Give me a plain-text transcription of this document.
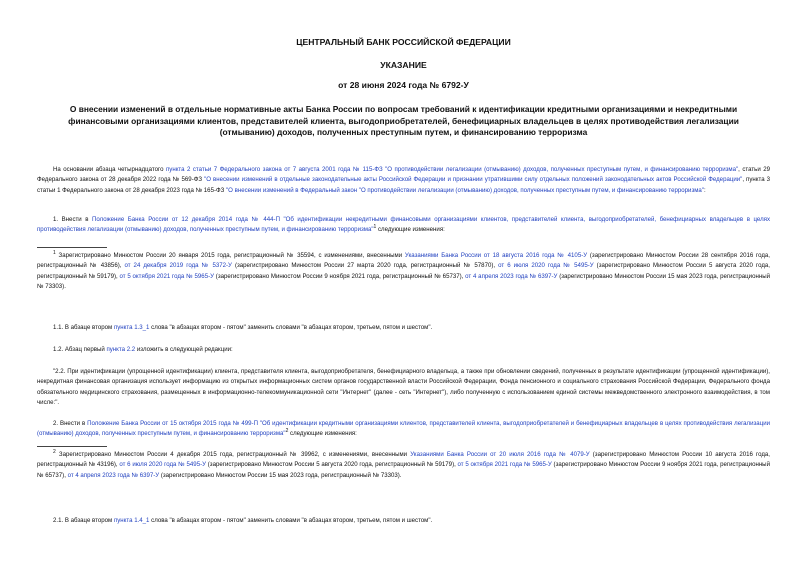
ЦЕНТРАЛЬНЫЙ БАНК РОССИЙСКОЙ ФЕДЕРАЦИИ
УКАЗАНИЕ
от 28 июня 2024 года № 6792-У
О внесении изменений в отдельные нормативные акты Банка России по вопросам требований к идентификации кредитными организациями и некредитными финансовыми организациями клиентов, представителей клиента, выгодоприобретателей, бенефициарных владельцев в целях противодействия легализации (отмыванию) доходов, полученных преступным путем, и финансированию терроризма
На основании абзаца четырнадцатого пункта 2 статьи 7 Федерального закона от 7 августа 2001 года № 115-ФЗ "О противодействии легализации (отмыванию) доходов, полученных преступным путем, и финансированию терроризма", статьи 29 Федерального закона от 28 декабря 2022 года № 569-ФЗ "О внесении изменений в отдельные законодательные акты Российской Федерации и признании утратившими силу отдельных положений законодательных актов Российской Федерации", пункта 3 статьи 1 Федерального закона от 28 декабря 2023 года № 165-ФЗ "О внесении изменений в Федеральный закон "О противодействии легализации (отмыванию) доходов, полученных преступным путем, и финансированию терроризма":
1. Внести в Положение Банка России от 12 декабря 2014 года № 444-П "Об идентификации некредитными финансовыми организациями клиентов, представителей клиента, выгодоприобретателей, бенефициарных владельцев в целях противодействия легализации (отмыванию) доходов, полученных преступным путем, и финансированию терроризма"$^1$ следующие изменения:
$^1$ Зарегистрировано Минюстом России 20 января 2015 года, регистрационный № 35594, с изменениями, внесенными Указаниями Банка России от 18 августа 2016 года № 4105-У (зарегистрировано Минюстом России 28 сентября 2016 года, регистрационный № 43856), от 24 декабря 2019 года № 5372-У (зарегистрировано Минюстом России 27 марта 2020 года, регистрационный № 57870), от 6 июля 2020 года № 5495-У (зарегистрировано Минюстом России 5 августа 2020 года, регистрационный № 59179), от 5 октября 2021 года № 5965-У (зарегистрировано Минюстом России 9 ноября 2021 года, регистрационный № 65737), от 4 апреля 2023 года № 6397-У (зарегистрировано Минюстом России 15 мая 2023 года, регистрационный № 73303).
1.1. В абзаце втором пункта 1.3_1 слова "в абзацах втором - пятом" заменить словами "в абзацах втором, третьем, пятом и шестом".
1.2. Абзац первый пункта 2.2 изложить в следующей редакции:
"2.2. При идентификации (упрощенной идентификации) клиента, представителя клиента, выгодоприобретателя, бенефициарного владельца, а также при обновлении сведений, полученных в результате идентификации (упрощенной идентификации), некредитная финансовая организация использует информацию из открытых информационных систем органов государственной власти Российской Федерации, Фонда пенсионного и социального страхования Российской Федерации, Федерального фонда обязательного медицинского страхования, размещенных в информационно-телекоммуникационной сети "Интернет" (далее - сеть "Интернет"), либо полученную с использованием единой системы межведомственного электронного взаимодействия, в том числе:".
2. Внести в Положение Банка России от 15 октября 2015 года № 499-П "Об идентификации кредитными организациями клиентов, представителей клиента, выгодоприобретателей и бенефициарных владельцев в целях противодействия легализации (отмыванию) доходов, полученных преступным путем, и финансированию терроризма"$^2$ следующие изменения:
$^2$ Зарегистрировано Минюстом России 4 декабря 2015 года, регистрационный № 39962, с изменениями, внесенными Указаниями Банка России от 20 июля 2016 года № 4079-У (зарегистрировано Минюстом России 10 августа 2016 года, регистрационный № 43196), от 6 июля 2020 года № 5495-У (зарегистрировано Минюстом России 5 августа 2020 года, регистрационный № 59179), от 5 октября 2021 года № 5965-У (зарегистрировано Минюстом России 9 ноября 2021 года, регистрационный № 65737), от 4 апреля 2023 года № 6397-У (зарегистрировано Минюстом России 15 мая 2023 года, регистрационный № 73303).
2.1. В абзаце втором пункта 1.4_1 слова "в абзацах втором - пятом" заменить словами "в абзацах втором, третьем, пятом и шестом".
